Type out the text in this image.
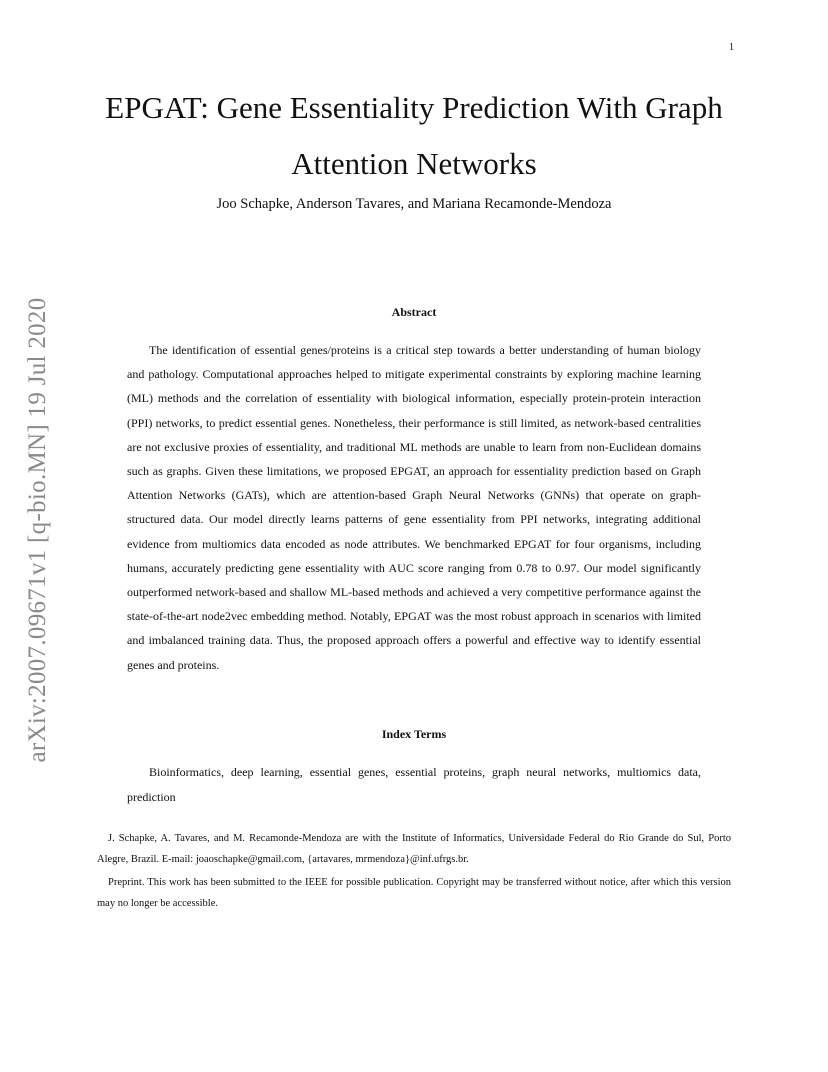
1
EPGAT: Gene Essentiality Prediction With Graph Attention Networks
Joo Schapke, Anderson Tavares, and Mariana Recamonde-Mendoza
arXiv:2007.09671v1 [q-bio.MN] 19 Jul 2020	Abstract

The identification of essential genes/proteins is a critical step towards a better understanding of human biology and pathology. Computational approaches helped to mitigate experimental constraints by exploring machine learning (ML) methods and the correlation of essentiality with biological information, especially protein-protein interaction (PPI) networks, to predict essential genes. Nonetheless, their performance is still limited, as network-based centralities are not exclusive proxies of essentiality, and traditional ML methods are unable to learn from non-Euclidean domains such as graphs. Given these limitations, we proposed EPGAT, an approach for essentiality prediction based on Graph Attention Networks (GATs), which are attention-based Graph Neural Networks (GNNs) that operate on graph-structured data. Our model directly learns patterns of gene essentiality from PPI networks, integrating additional evidence from multiomics data encoded as node attributes. We benchmarked EPGAT for four organisms, including humans, accurately predicting gene essentiality with AUC score ranging from 0.78 to 0.97. Our model significantly outperformed network-based and shallow ML-based methods and achieved a very competitive performance against the state-of-the-art node2vec embedding method. Notably, EPGAT was the most robust approach in scenarios with limited and imbalanced training data. Thus, the proposed approach offers a powerful and effective way to identify essential genes and proteins.

Index Terms

Bioinformatics, deep learning, essential genes, essential proteins, graph neural networks, multiomics data, prediction

J. Schapke, A. Tavares, and M. Recamonde-Mendoza are with the Institute of Informatics, Universidade Federal do Rio Grande do Sul, Porto Alegre, Brazil. E-mail: joaoschapke@gmail.com, {artavares, mrmendoza}@inf.ufrgs.br.

Preprint. This work has been submitted to the IEEE for possible publication. Copyright may be transferred without notice, after which this version may no longer be accessible.
